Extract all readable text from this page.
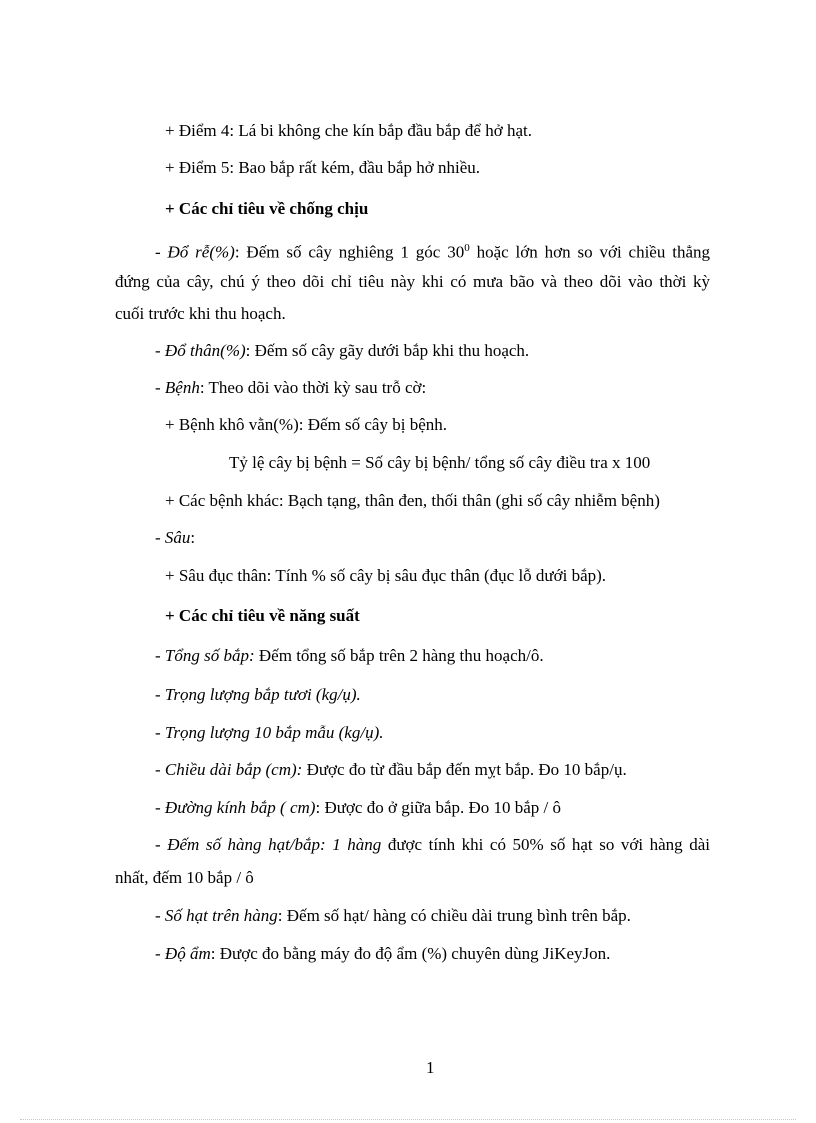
+ Điểm 4: Lá bi không che kín bắp đầu bắp để hở hạt.
+ Điểm 5: Bao bắp rất kém, đầu bắp hở nhiều.
+ Các chỉ tiêu về chống chịu
- Đổ rễ(%): Đếm số cây nghiêng 1 góc $30^0$ hoặc lớn hơn so với chiều thẳng
đứng của cây, chú ý theo dõi chỉ tiêu này khi có mưa bão và theo dõi vào thời kỳ
cuối trước khi thu hoạch.
- Đổ thân(%): Đếm số cây gãy dưới bắp khi thu hoạch.
- Bệnh: Theo dõi vào thời kỳ sau trỗ cờ:
+ Bệnh khô vằn(%): Đếm số cây bị bệnh.
Tỷ lệ cây bị bệnh = Số cây bị bệnh/ tổng số cây điều tra x 100
+ Các bệnh khác: Bạch tạng, thân đen, thối thân (ghi số cây nhiễm bệnh)
- Sâu:
+ Sâu đục thân: Tính % số cây bị sâu đục thân (đục lỗ dưới bắp).
+ Các chỉ tiêu về năng suất
- Tổng số bắp: Đếm tổng số bắp trên 2 hàng thu hoạch/ô.
- Trọng lượng bắp tươi (kg/ụ).
- Trọng lượng 10 bắp mẫu (kg/ụ).
- Chiều dài bắp (cm): Được đo từ đầu bắp đến mỵt bắp. Đo 10 bắp/ụ.
- Đường kính bắp ( cm): Được đo ở giữa bắp. Đo 10 bắp / ô
- Đếm số hàng hạt/bắp: 1 hàng được tính khi có 50% số hạt so với hàng dài
nhất, đếm 10 bắp / ô
- Số hạt trên hàng: Đếm số hạt/ hàng có chiều dài trung bình trên bắp.
- Độ ẩm: Được đo bằng máy đo độ ẩm (%) chuyên dùng JiKeyJon.
1
